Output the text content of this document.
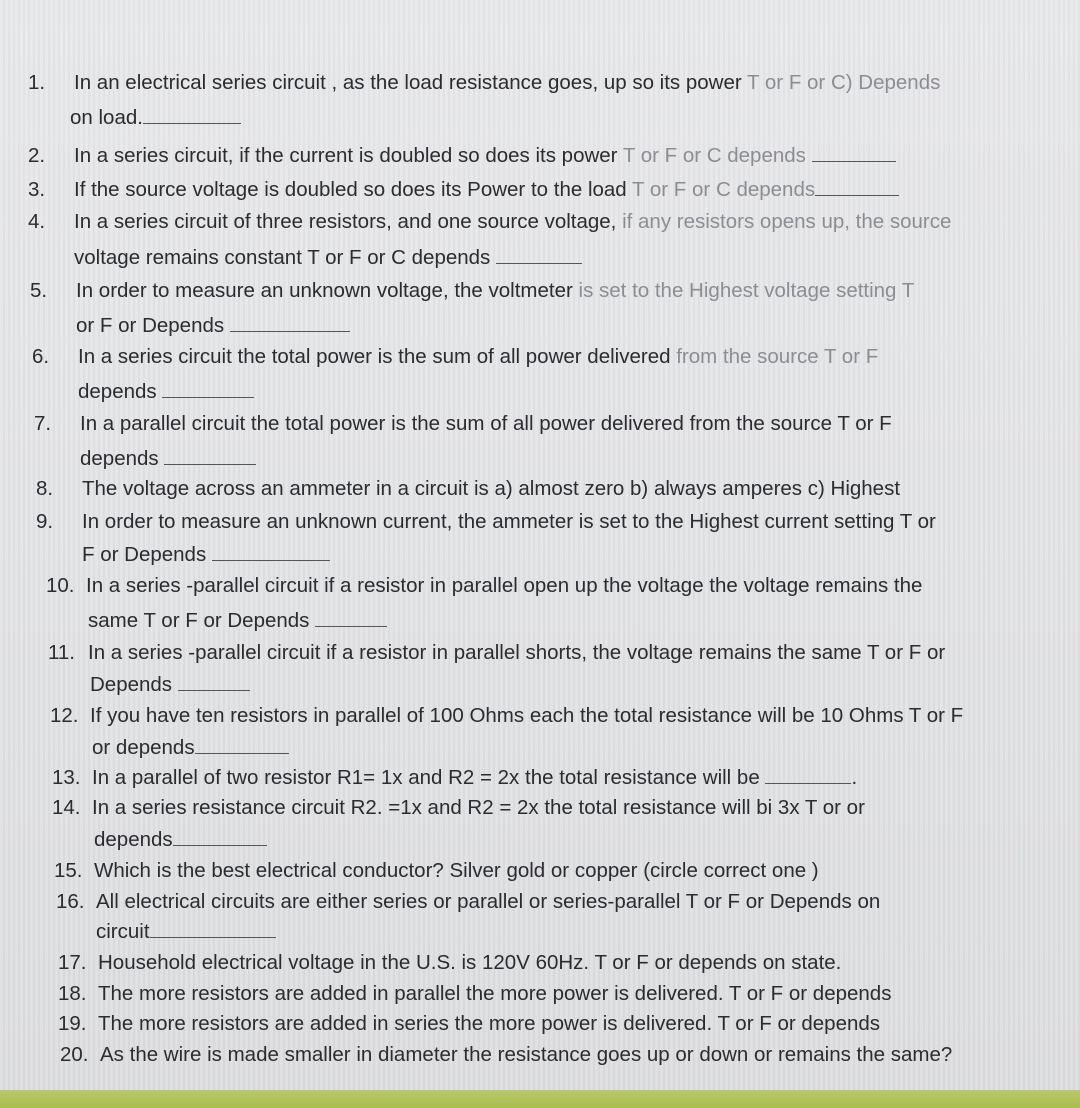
1. In an electrical series circuit , as the load resistance goes, up so its power T or F or C) Depends
on load.
2. In a series circuit, if the current is doubled so does its power T or F or C depends
3. If the source voltage is doubled so does its Power to the load T or F or C depends
4. In a series circuit of three resistors, and one source voltage, if any resistors opens up, the source
voltage remains constant T or F or C depends
5. In order to measure an unknown voltage, the voltmeter is set to the Highest voltage setting T
or F or Depends
6. In a series circuit the total power is the sum of all power delivered from the source T or F
depends
7. In a parallel circuit the total power is the sum of all power delivered from the source T or F
depends
8. The voltage across an ammeter in a circuit is a) almost zero b) always amperes c) Highest
9. In order to measure an unknown current, the ammeter is set to the Highest current setting T or
F or Depends
10. In a series -parallel circuit if a resistor in parallel open up the voltage the voltage remains the
same T or F or Depends
11. In a series -parallel circuit if a resistor in parallel shorts, the voltage remains the same T or F or
Depends
12. If you have ten resistors in parallel of 100 Ohms each the total resistance will be 10 Ohms T or F
or depends
13. In a parallel of two resistor R1= 1x and R2 = 2x the total resistance will be	.
14. In a series resistance circuit R2. =1x and R2 = 2x the total resistance will bi 3x T or or
depends
15. Which is the best electrical conductor? Silver gold or copper (circle correct one )
16. All electrical circuits are either series or parallel or series-parallel T or F or Depends on
circuit
17. Household electrical voltage in the U.S. is 120V 60Hz. T or F or depends on state.
18. The more resistors are added in parallel the more power is delivered. T or F or depends
19. The more resistors are added in series the more power is delivered. T or F or depends
20. As the wire is made smaller in diameter the resistance goes up or down or remains the same?
